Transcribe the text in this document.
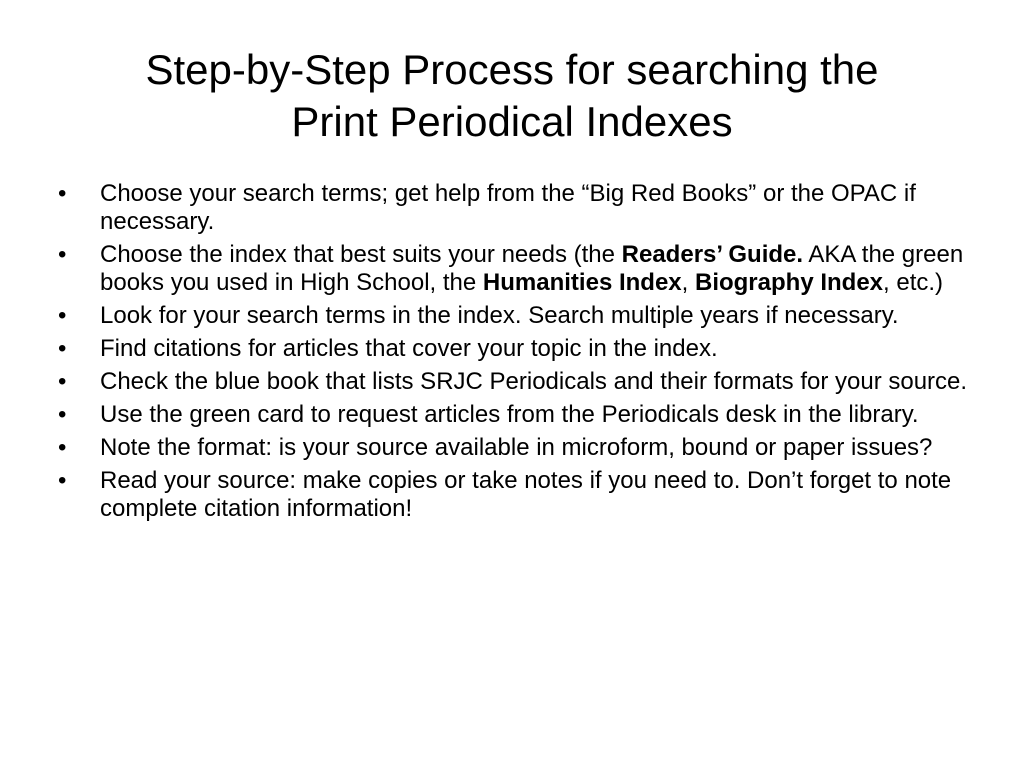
Step-by-Step Process for searching the
Print Periodical Indexes
•	Choose your search terms; get help from the “Big Red Books” or the OPAC if necessary.
•	Choose the index that best suits your needs (the Readers’ Guide. AKA the green books you used in High School, the Humanities Index, Biography Index, etc.)
•	Look for your search terms in the index. Search multiple years if necessary.
•	Find citations for articles that cover your topic in the index.
•	Check the blue book that lists SRJC Periodicals and their formats for your source.
•	Use the green card to request articles from the Periodicals desk in the library.
•	Note the format: is your source available in microform, bound or paper issues?
•	Read your source: make copies or take notes if you need to. Don’t forget to note complete citation information!
